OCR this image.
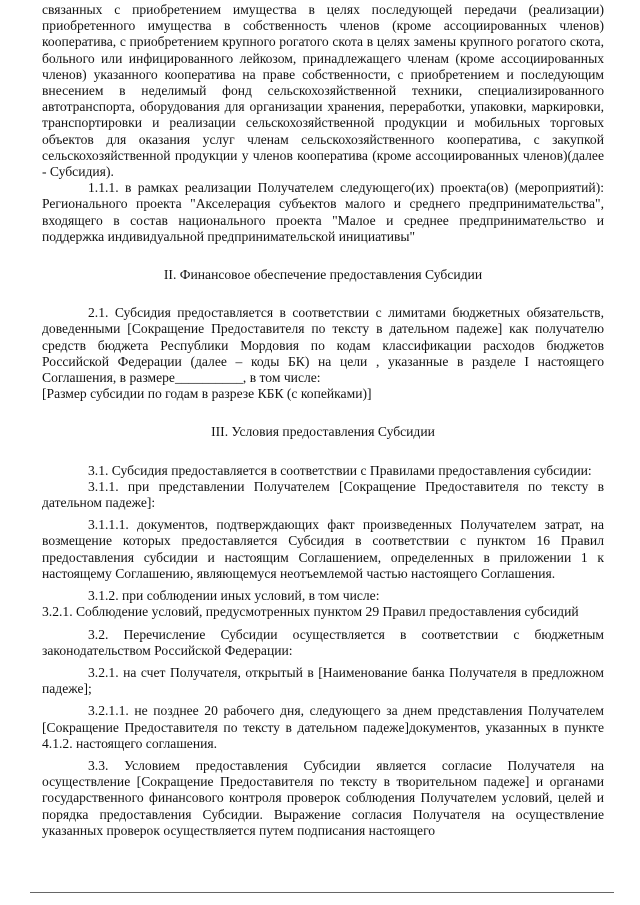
связанных с приобретением имущества в целях последующей передачи (реализации) приобретенного имущества в собственность членов (кроме ассоциированных членов) кооператива, с приобретением крупного рогатого скота в целях замены крупного рогатого скота, больного или инфицированного лейкозом, принадлежащего членам (кроме ассоциированных членов) указанного кооператива на праве собственности, с приобретением и последующим внесением в неделимый фонд сельскохозяйственной техники, специализированного автотранспорта, оборудования для организации хранения, переработки, упаковки, маркировки, транспортировки и реализации сельскохозяйственной продукции и мобильных торговых объектов для оказания услуг членам сельскохозяйственного кооператива, с закупкой сельскохозяйственной продукции у членов кооператива (кроме ассоциированных членов)(далее - Субсидия).

1.1.1. в рамках реализации Получателем следующего(их) проекта(ов) (мероприятий): Регионального проекта "Акселерация субъектов малого и среднего предпринимательства", входящего в состав национального проекта "Малое и среднее предпринимательство и поддержка индивидуальной предпринимательской инициативы"

II. Финансовое обеспечение предоставления Субсидии

2.1. Субсидия предоставляется в соответствии с лимитами бюджетных обязательств, доведенными [Сокращение Предоставителя по тексту в дательном падеже] как получателю средств бюджета Республики Мордовия по кодам классификации расходов бюджетов Российской Федерации (далее – коды БК) на цели , указанные в разделе I настоящего Соглашения, в размере__________, в том числе:

[Размер субсидии по годам в разрезе КБК (с копейками)]

III. Условия предоставления Субсидии

3.1. Субсидия предоставляется в соответствии с Правилами предоставления субсидии:

3.1.1. при представлении Получателем [Сокращение Предоставителя по тексту в дательном падеже]:

3.1.1.1. документов, подтверждающих факт произведенных Получателем затрат, на возмещение которых предоставляется Субсидия в соответствии с пунктом 16 Правил предоставления субсидии и настоящим Соглашением, определенных в приложении 1 к настоящему Соглашению, являющемуся неотъемлемой частью настоящего Соглашения.

3.1.2. при соблюдении иных условий, в том числе:

3.2.1. Соблюдение условий, предусмотренных пунктом 29 Правил предоставления субсидий

3.2. Перечисление Субсидии осуществляется в соответствии с бюджетным законодательством Российской Федерации:

3.2.1. на счет Получателя, открытый в [Наименование банка Получателя в предложном падеже];

3.2.1.1. не позднее 20 рабочего дня, следующего за днем представления Получателем [Сокращение Предоставителя по тексту в дательном падеже]документов, указанных в пункте 4.1.2. настоящего соглашения.

3.3. Условием предоставления Субсидии является согласие Получателя на осуществление [Сокращение Предоставителя по тексту в творительном падеже] и органами государственного финансового контроля проверок соблюдения Получателем условий, целей и порядка предоставления Субсидии. Выражение согласия Получателя на осуществление указанных проверок осуществляется путем подписания настоящего
